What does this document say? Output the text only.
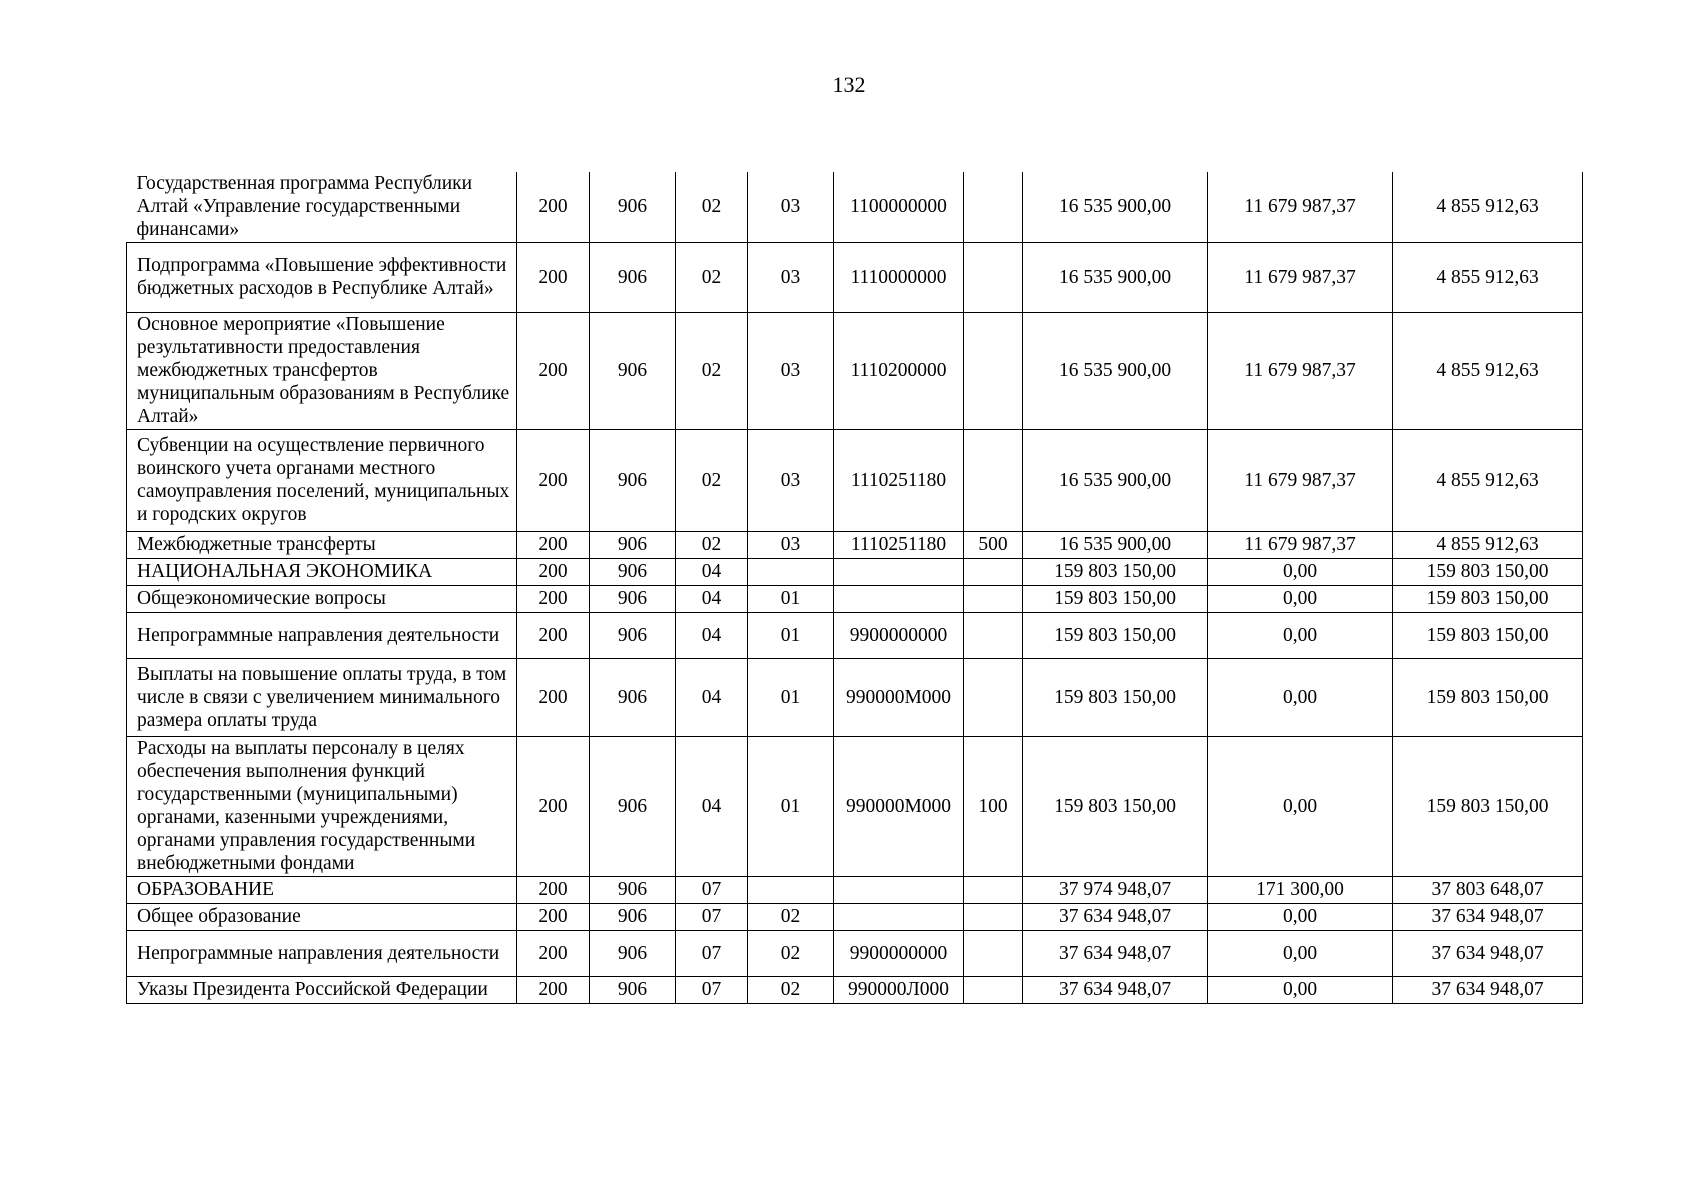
132
Государственная программа Республики Алтай «Управление государственными финансами»	200	906	02	03	1100000000		16 535 900,00	11 679 987,37	4 855 912,63
Подпрограмма «Повышение эффективности бюджетных расходов в Республике Алтай»	200	906	02	03	1110000000		16 535 900,00	11 679 987,37	4 855 912,63
Основное мероприятие «Повышение результативности предоставления межбюджетных трансфертов муниципальным образованиям в Республике Алтай»	200	906	02	03	1110200000		16 535 900,00	11 679 987,37	4 855 912,63
Субвенции на осуществление первичного воинского учета органами местного самоуправления поселений, муниципальных и городских округов	200	906	02	03	1110251180		16 535 900,00	11 679 987,37	4 855 912,63
Межбюджетные трансферты	200	906	02	03	1110251180	500	16 535 900,00	11 679 987,37	4 855 912,63
НАЦИОНАЛЬНАЯ ЭКОНОМИКА	200	906	04				159 803 150,00	0,00	159 803 150,00
Общеэкономические вопросы	200	906	04	01			159 803 150,00	0,00	159 803 150,00
Непрограммные направления деятельности	200	906	04	01	9900000000		159 803 150,00	0,00	159 803 150,00
Выплаты на повышение оплаты труда, в том числе в связи с увеличением минимального размера оплаты труда	200	906	04	01	990000М000		159 803 150,00	0,00	159 803 150,00
Расходы на выплаты персоналу в целях обеспечения выполнения функций государственными (муниципальными) органами, казенными учреждениями, органами управления государственными внебюджетными фондами	200	906	04	01	990000М000	100	159 803 150,00	0,00	159 803 150,00
ОБРАЗОВАНИЕ	200	906	07				37 974 948,07	171 300,00	37 803 648,07
Общее образование	200	906	07	02			37 634 948,07	0,00	37 634 948,07
Непрограммные направления деятельности	200	906	07	02	9900000000		37 634 948,07	0,00	37 634 948,07
Указы Президента Российской Федерации	200	906	07	02	990000Л000		37 634 948,07	0,00	37 634 948,07
